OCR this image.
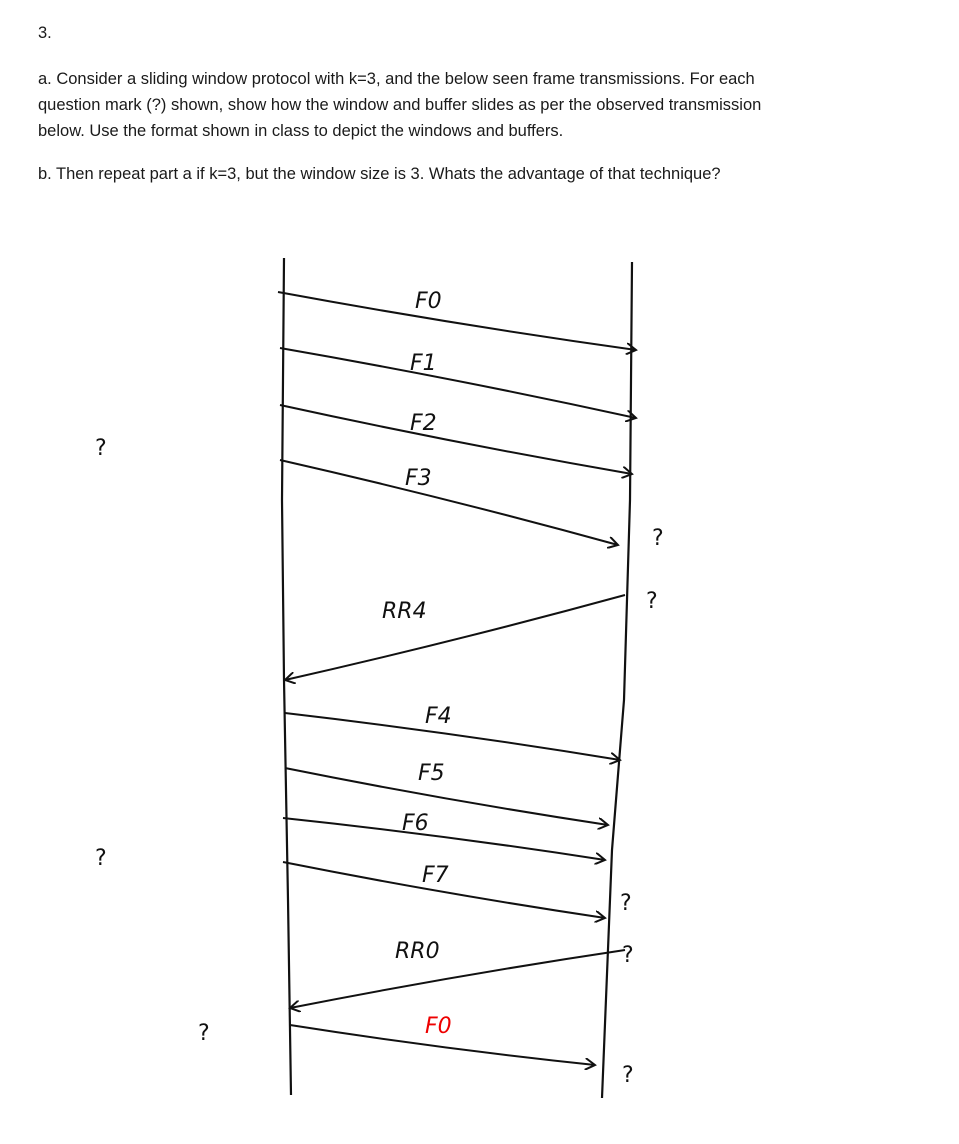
3.
a. Consider a sliding window protocol with k=3, and the below seen frame transmissions. For each
question mark (?) shown, show how the window and buffer slides as per the observed transmission
below. Use the format shown in class to depict the windows and buffers.
b. Then repeat part a if k=3, but the window size is 3. Whats the advantage of that technique?
F0
F1
F2
F3
RR4
F4
F5
F6
F7
RR0
F0
?
?
?
?
?
?
?
?
